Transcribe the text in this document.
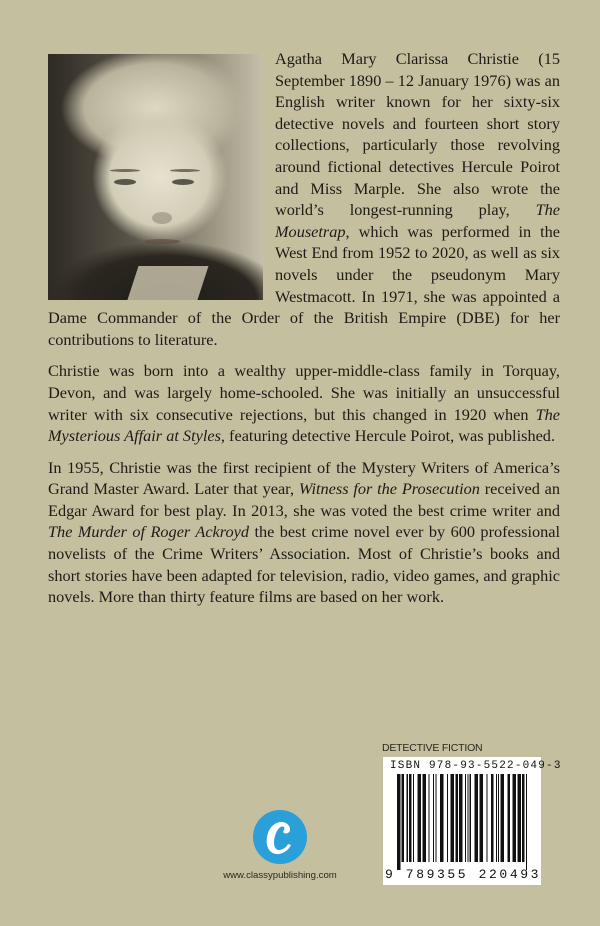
Agatha Mary Clarissa Christie (15 September 1890 – 12 January 1976) was an English writer known for her sixty-six detective novels and fourteen short story collections, particularly those revolving around fictional detectives Hercule Poirot and Miss Marple. She also wrote the world’s longest-running play, The Mousetrap, which was performed in the West End from 1952 to 2020, as well as six novels under the pseudonym Mary Westmacott. In 1971, she was appointed a Dame Commander of the Order of the British Empire (DBE) for her contributions to literature.

Christie was born into a wealthy upper-middle-class family in Torquay, Devon, and was largely home-schooled. She was initially an unsuccessful writer with six consecutive rejections, but this changed in 1920 when The Mysterious Affair at Styles, featuring detective Hercule Poirot, was published.

In 1955, Christie was the first recipient of the Mystery Writers of America’s Grand Master Award. Later that year, Witness for the Prosecution received an Edgar Award for best play. In 2013, she was voted the best crime writer and The Murder of Roger Ackroyd the best crime novel ever by 600 professional novelists of the Crime Writers’ Association. Most of Christie’s books and short stories have been adapted for television, radio, video games, and graphic novels. More than thirty feature films are based on her work.

DETECTIVE FICTION
ISBN 978-93-5522-049-3
9 789355 220493
www.classypublishing.com
